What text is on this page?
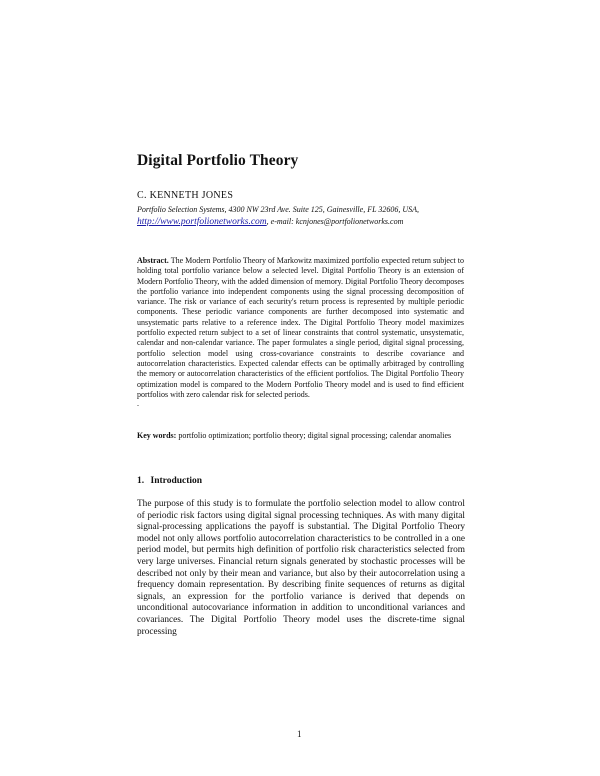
Digital Portfolio Theory
C. KENNETH JONES
Portfolio Selection Systems, 4300 NW 23rd Ave. Suite 125, Gainesville, FL 32606, USA,
http://www.portfolionetworks.com, e-mail: kcnjones@portfolionetworks.com
Abstract. The Modern Portfolio Theory of Markowitz maximized portfolio expected return subject to holding total portfolio variance below a selected level. Digital Portfolio Theory is an extension of Modern Portfolio Theory, with the added dimension of memory. Digital Portfolio Theory decomposes the portfolio variance into independent components using the signal processing decomposition of variance. The risk or variance of each security's return process is represented by multiple periodic components. These periodic variance components are further decomposed into systematic and unsystematic parts relative to a reference index. The Digital Portfolio Theory model maximizes portfolio expected return subject to a set of linear constraints that control systematic, unsystematic, calendar and non-calendar variance. The paper formulates a single period, digital signal processing, portfolio selection model using cross-covariance constraints to describe covariance and autocorrelation characteristics. Expected calendar effects can be optimally arbitraged by controlling the memory or autocorrelation characteristics of the efficient portfolios. The Digital Portfolio Theory optimization model is compared to the Modern Portfolio Theory model and is used to find efficient portfolios with zero calendar risk for selected periods.
.
Key words: portfolio optimization; portfolio theory; digital signal processing; calendar anomalies
1. Introduction
The purpose of this study is to formulate the portfolio selection model to allow control of periodic risk factors using digital signal processing techniques. As with many digital signal-processing applications the payoff is substantial. The Digital Portfolio Theory model not only allows portfolio autocorrelation characteristics to be controlled in a one period model, but permits high definition of portfolio risk characteristics selected from very large universes. Financial return signals generated by stochastic processes will be described not only by their mean and variance, but also by their autocorrelation using a frequency domain representation. By describing finite sequences of returns as digital signals, an expression for the portfolio variance is derived that depends on unconditional autocovariance information in addition to unconditional variances and covariances. The Digital Portfolio Theory model uses the discrete-time signal processing
1
